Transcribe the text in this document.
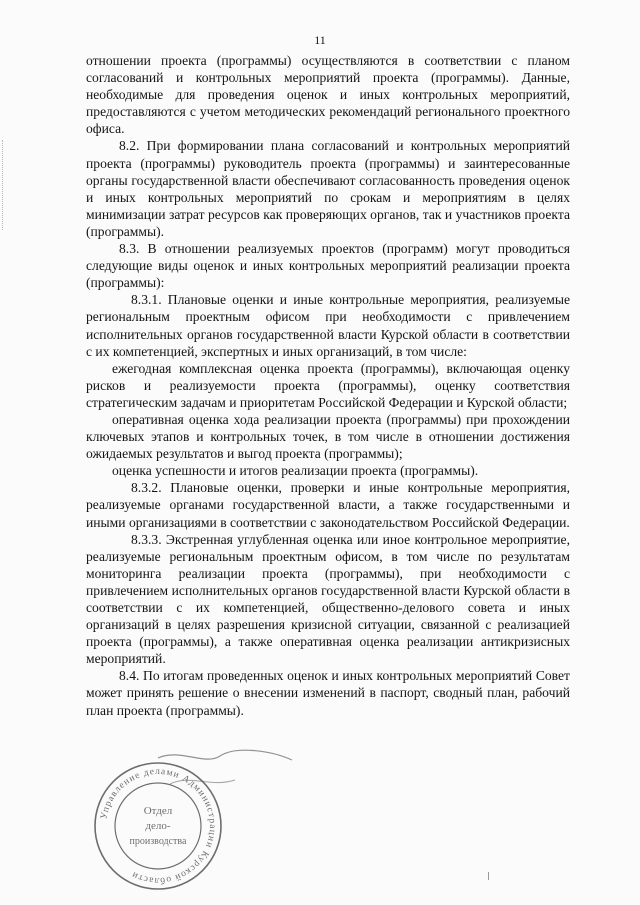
11

отношении проекта (программы) осуществляются в соответствии с планом согласований и контрольных мероприятий проекта (программы). Данные, необходимые для проведения оценок и иных контрольных мероприятий, предоставляются с учетом методических рекомендаций регионального проектного офиса.

8.2. При формировании плана согласований и контрольных мероприятий проекта (программы) руководитель проекта (программы) и заинтересованные органы государственной власти обеспечивают согласованность проведения оценок и иных контрольных мероприятий по срокам и мероприятиям в целях минимизации затрат ресурсов как проверяющих органов, так и участников проекта (программы).

8.3. В отношении реализуемых проектов (программ) могут проводиться следующие виды оценок и иных контрольных мероприятий реализации проекта (программы):

8.3.1. Плановые оценки и иные контрольные мероприятия, реализуемые региональным проектным офисом при необходимости с привлечением исполнительных органов государственной власти Курской области в соответствии с их компетенцией, экспертных и иных организаций, в том числе:

ежегодная комплексная оценка проекта (программы), включающая оценку рисков и реализуемости проекта (программы), оценку соответствия стратегическим задачам и приоритетам Российской Федерации и Курской области;

оперативная оценка хода реализации проекта (программы) при прохождении ключевых этапов и контрольных точек, в том числе в отношении достижения ожидаемых результатов и выгод проекта (программы);

оценка успешности и итогов реализации проекта (программы).

8.3.2. Плановые оценки, проверки и иные контрольные мероприятия, реализуемые органами государственной власти, а также государственными и иными организациями в соответствии с законодательством Российской Федерации.

8.3.3. Экстренная углубленная оценка или иное контрольное мероприятие, реализуемые региональным проектным офисом, в том числе по результатам мониторинга реализации проекта (программы), при необходимости с привлечением исполнительных органов государственной власти Курской области в соответствии с их компетенцией, общественно-делового совета и иных организаций в целях разрешения кризисной ситуации, связанной с реализацией проекта (программы), а также оперативная оценка реализации антикризисных мероприятий.

8.4. По итогам проведенных оценок и иных контрольных мероприятий Совет может принять решение о внесении изменений в паспорт, сводный план, рабочий план проекта (программы).

Управление делами Администрации Курской области
Отдел
дело-
производства
